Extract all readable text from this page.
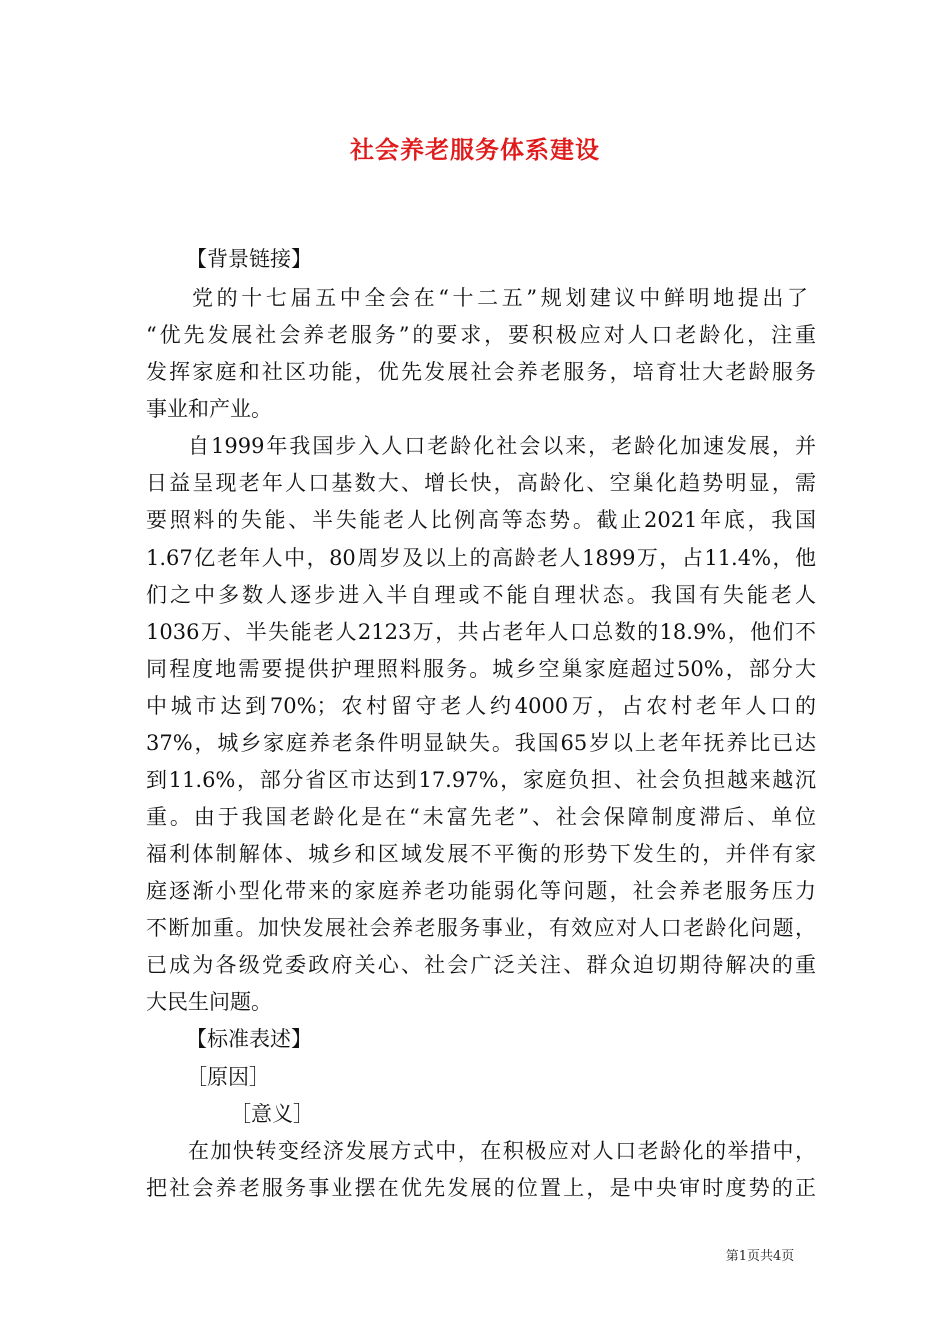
社会养老服务体系建设
【背景链接】
党的十七届五中全会在“十二五”规划建议中鲜明地提出了
“优先发展社会养老服务”的要求，要积极应对人口老龄化，注重
发挥家庭和社区功能，优先发展社会养老服务，培育壮大老龄服务
事业和产业。
自1999年我国步入人口老龄化社会以来，老龄化加速发展，并
日益呈现老年人口基数大、增长快，高龄化、空巢化趋势明显，需
要照料的失能、半失能老人比例高等态势。截止2021年底，我国
1.67亿老年人中，80周岁及以上的高龄老人1899万，占11.4%，他
们之中多数人逐步进入半自理或不能自理状态。我国有失能老人
1036万、半失能老人2123万，共占老年人口总数的18.9%，他们不
同程度地需要提供护理照料服务。城乡空巢家庭超过50%，部分大
中城市达到70%；农村留守老人约4000万，占农村老年人口的
37%，城乡家庭养老条件明显缺失。我国65岁以上老年抚养比已达
到11.6%，部分省区市达到17.97%，家庭负担、社会负担越来越沉
重。由于我国老龄化是在“未富先老”、社会保障制度滞后、单位
福利体制解体、城乡和区域发展不平衡的形势下发生的，并伴有家
庭逐渐小型化带来的家庭养老功能弱化等问题，社会养老服务压力
不断加重。加快发展社会养老服务事业，有效应对人口老龄化问题，
已成为各级党委政府关心、社会广泛关注、群众迫切期待解决的重
大民生问题。
【标准表述】
［原因］
［意义］
在加快转变经济发展方式中，在积极应对人口老龄化的举措中，
把社会养老服务事业摆在优先发展的位置上，是中央审时度势的正
第1页共4页
